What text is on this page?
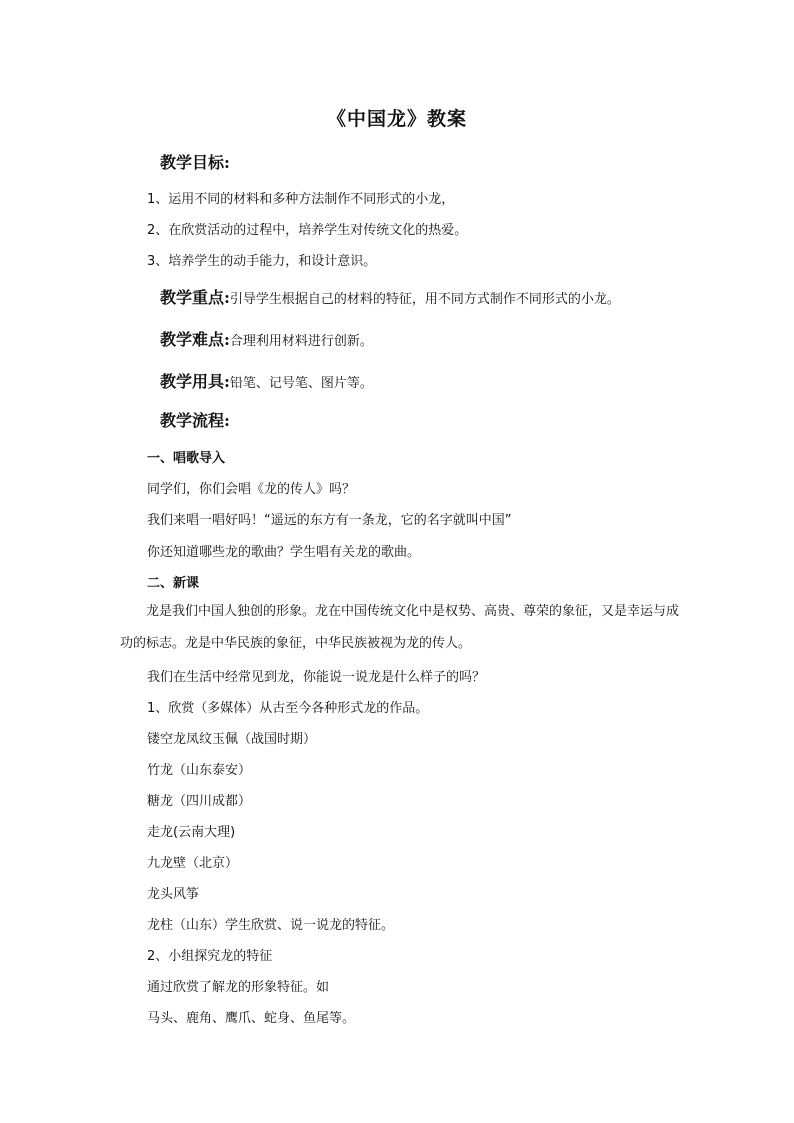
《中国龙》教案
教学目标:
1、运用不同的材料和多种方法制作不同形式的小龙，
2、在欣赏活动的过程中，培养学生对传统文化的热爱。
3、培养学生的动手能力，和设计意识。
教学重点:引导学生根据自己的材料的特征，用不同方式制作不同形式的小龙。
教学难点:合理利用材料进行创新。
教学用具:铅笔、记号笔、图片等。
教学流程:
一、唱歌导入
同学们，你们会唱《龙的传人》吗？
我们来唱一唱好吗！“遥远的东方有一条龙，它的名字就叫中国”
你还知道哪些龙的歌曲？学生唱有关龙的歌曲。
二、新课
龙是我们中国人独创的形象。龙在中国传统文化中是权势、高贵、尊荣的象征，又是幸运与成功的标志。龙是中华民族的象征，中华民族被视为龙的传人。
我们在生活中经常见到龙，你能说一说龙是什么样子的吗？
1、欣赏（多媒体）从古至今各种形式龙的作品。
镂空龙凤纹玉佩（战国时期）
竹龙（山东泰安）
糖龙（四川成都）
走龙(云南大理)
九龙壁（北京）
龙头风筝
龙柱（山东）学生欣赏、说一说龙的特征。
2、小组探究龙的特征
通过欣赏了解龙的形象特征。如
马头、鹿角、鹰爪、蛇身、鱼尾等。
